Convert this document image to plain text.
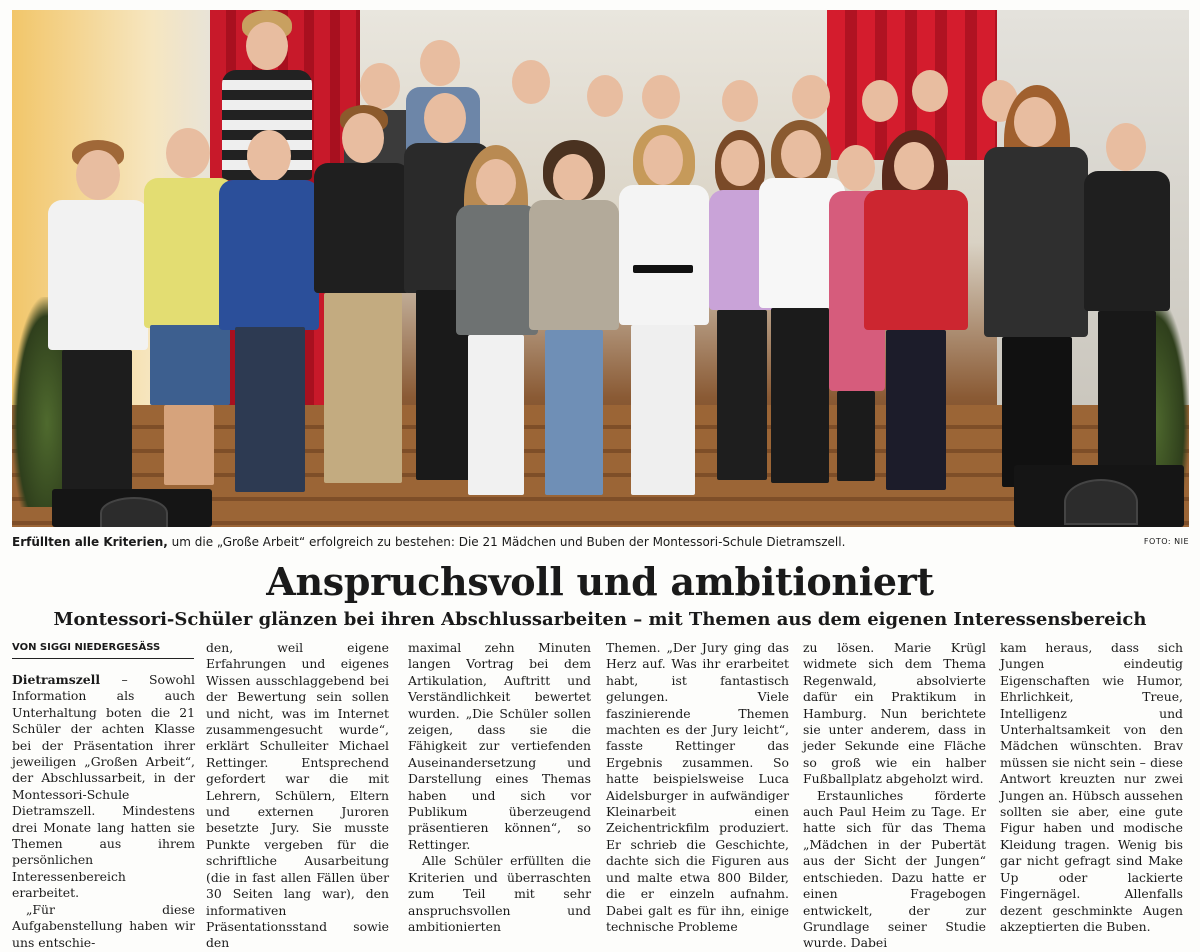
Erfüllten alle Kriterien, um die „Große Arbeit“ erfolgreich zu bestehen: Die 21 Mädchen und Buben der Montessori-Schule Dietramszell.	FOTO: NIE
Anspruchsvoll und ambitioniert
Montessori-Schüler glänzen bei ihren Abschlussarbeiten – mit Themen aus dem eigenen Interessensbereich
VON SIGGI NIEDERGESÄSS

Dietramszell – Sowohl Information als auch Unterhaltung boten die 21 Schüler der achten Klasse bei der Präsentation ihrer jeweiligen „Großen Arbeit“, der Abschlussarbeit, in der Montessori-Schule Dietramszell. Mindestens drei Monate lang hatten sie Themen aus ihrem persönlichen Interessenbereich erarbeitet.

„Für diese Aufgabenstellung haben wir uns entschie-

den, weil eigene Erfahrungen und eigenes Wissen ausschlaggebend bei der Bewertung sein sollen und nicht, was im Internet zusammengesucht wurde“, erklärt Schulleiter Michael Rettinger. Entsprechend gefordert war die mit Lehrern, Schülern, Eltern und externen Juroren besetzte Jury. Sie musste Punkte vergeben für die schriftliche Ausarbeitung (die in fast allen Fällen über 30 Seiten lang war), den informativen Präsentationsstand sowie den

maximal zehn Minuten langen Vortrag bei dem Artikulation, Auftritt und Verständlichkeit bewertet wurden. „Die Schüler sollen zeigen, dass sie die Fähigkeit zur vertiefenden Auseinandersetzung und Darstellung eines Themas haben und sich vor Publikum überzeugend präsentieren können“, so Rettinger.

Alle Schüler erfüllten die Kriterien und überraschten zum Teil mit sehr anspruchsvollen und ambitionierten

Themen. „Der Jury ging das Herz auf. Was ihr erarbeitet habt, ist fantastisch gelungen. Viele faszinierende Themen machten es der Jury leicht“, fasste Rettinger das Ergebnis zusammen. So hatte beispielsweise Luca Aidelsburger in aufwändiger Kleinarbeit einen Zeichentrickfilm produziert. Er schrieb die Geschichte, dachte sich die Figuren aus und malte etwa 800 Bilder, die er einzeln aufnahm. Dabei galt es für ihn, einige technische Probleme

zu lösen. Marie Krügl widmete sich dem Thema Regenwald, absolvierte dafür ein Praktikum in Hamburg. Nun berichtete sie unter anderem, dass in jeder Sekunde eine Fläche so groß wie ein halber Fußballplatz abgeholzt wird.

Erstaunliches förderte auch Paul Heim zu Tage. Er hatte sich für das Thema „Mädchen in der Pubertät aus der Sicht der Jungen“ entschieden. Dazu hatte er einen Fragebogen entwickelt, der zur Grundlage seiner Studie wurde. Dabei

kam heraus, dass sich Jungen eindeutig Eigenschaften wie Humor, Ehrlichkeit, Treue, Intelligenz und Unterhaltsamkeit von den Mädchen wünschten. Brav müssen sie nicht sein – diese Antwort kreuzten nur zwei Jungen an. Hübsch aussehen sollten sie aber, eine gute Figur haben und modische Kleidung tragen. Wenig bis gar nicht gefragt sind Make Up oder lackierte Fingernägel. Allenfalls dezent geschminkte Augen akzeptierten die Buben.
